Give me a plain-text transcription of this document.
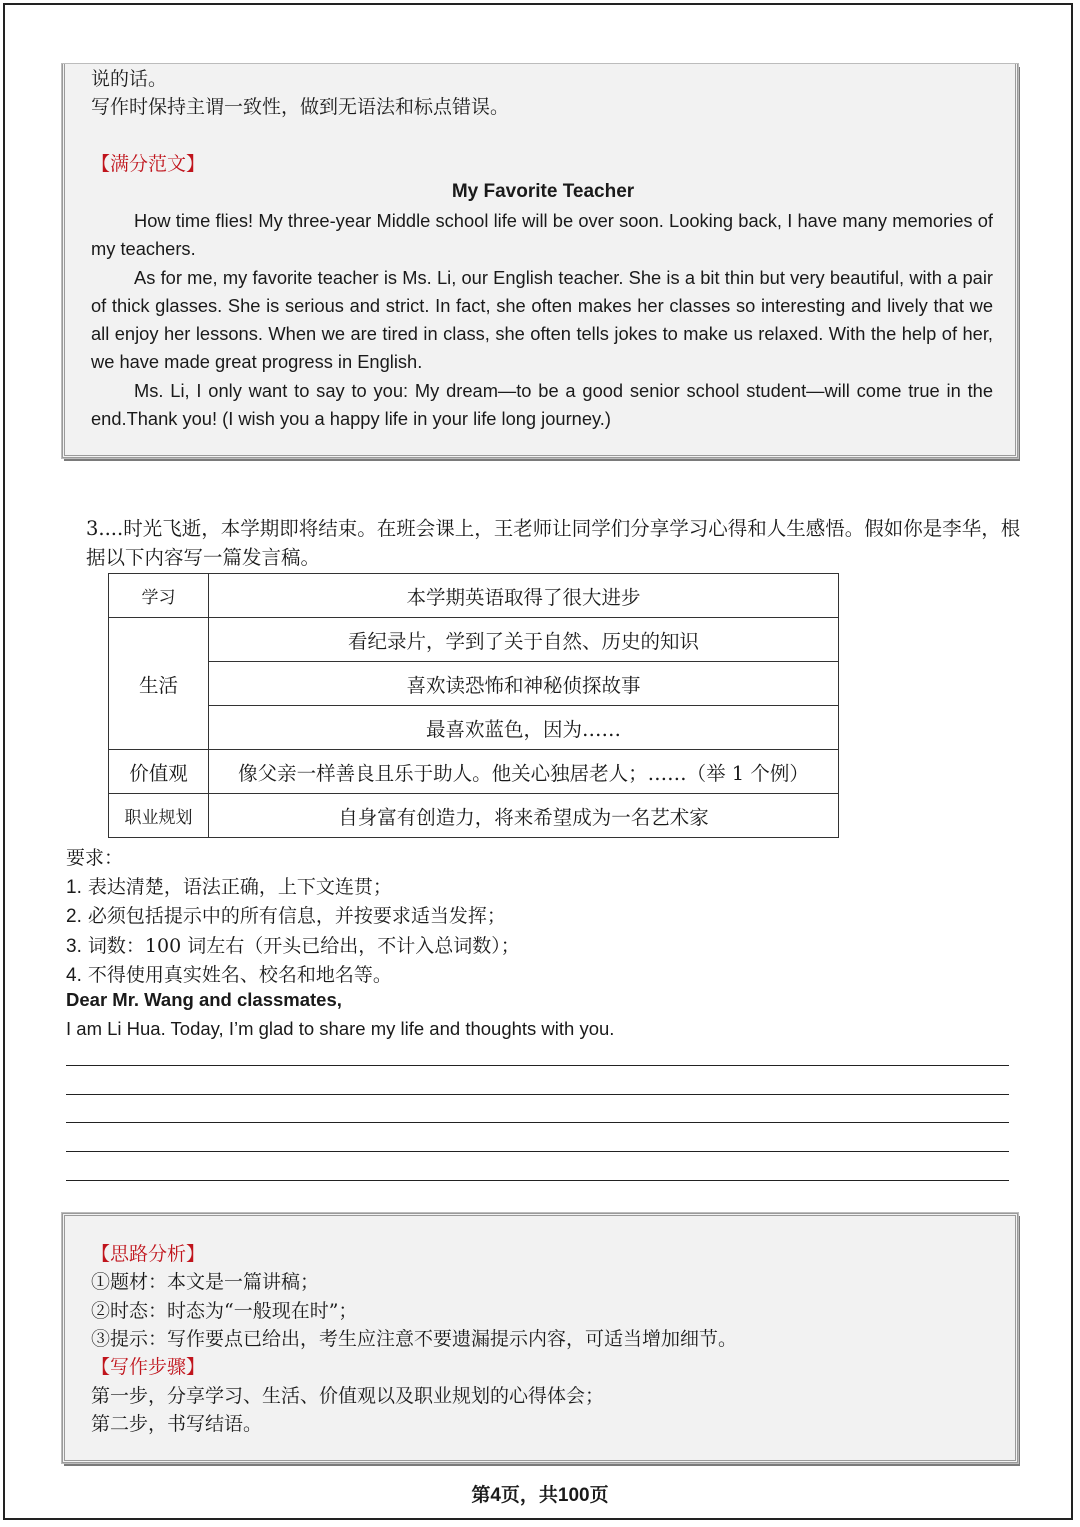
说的话。
写作时保持主谓一致性，做到无语法和标点错误。
【满分范文】
My Favorite Teacher

How time flies! My three-year Middle school life will be over soon. Looking back, I have many memories of my teachers.

As for me, my favorite teacher is Ms. Li, our English teacher. She is a bit thin but very beautiful, with a pair of thick glasses. She is serious and strict. In fact, she often makes her classes so interesting and lively that we all enjoy her lessons. When we are tired in class, she often tells jokes to make us relaxed. With the help of her, we have made great progress in English.

Ms. Li, I only want to say to you: My dream—to be a good senior school student—will come true in the end.Thank you! (I wish you a happy life in your life long journey.)

3....时光飞逝，本学期即将结束。在班会课上，王老师让同学们分享学习心得和人生感悟。假如你是李华，根据以下内容写一篇发言稿。
学习	本学期英语取得了很大进步
生活	看纪录片，学到了关于自然、历史的知识
	喜欢读恐怖和神秘侦探故事
	最喜欢蓝色，因为……
价值观	像父亲一样善良且乐于助人。他关心独居老人；……（举 1 个例）
职业规划	自身富有创造力，将来希望成为一名艺术家
要求：
1. 表达清楚，语法正确，上下文连贯；
2. 必须包括提示中的所有信息，并按要求适当发挥；
3. 词数：100 词左右（开头已给出，不计入总词数）；
4. 不得使用真实姓名、校名和地名等。
Dear Mr. Wang and classmates,
I am Li Hua. Today, I’m glad to share my life and thoughts with you.
【思路分析】
①题材：本文是一篇讲稿；
②时态：时态为“一般现在时”；
③提示：写作要点已给出，考生应注意不要遗漏提示内容，可适当增加细节。
【写作步骤】
第一步，分享学习、生活、价值观以及职业规划的心得体会；
第二步，书写结语。
第4页，共100页
